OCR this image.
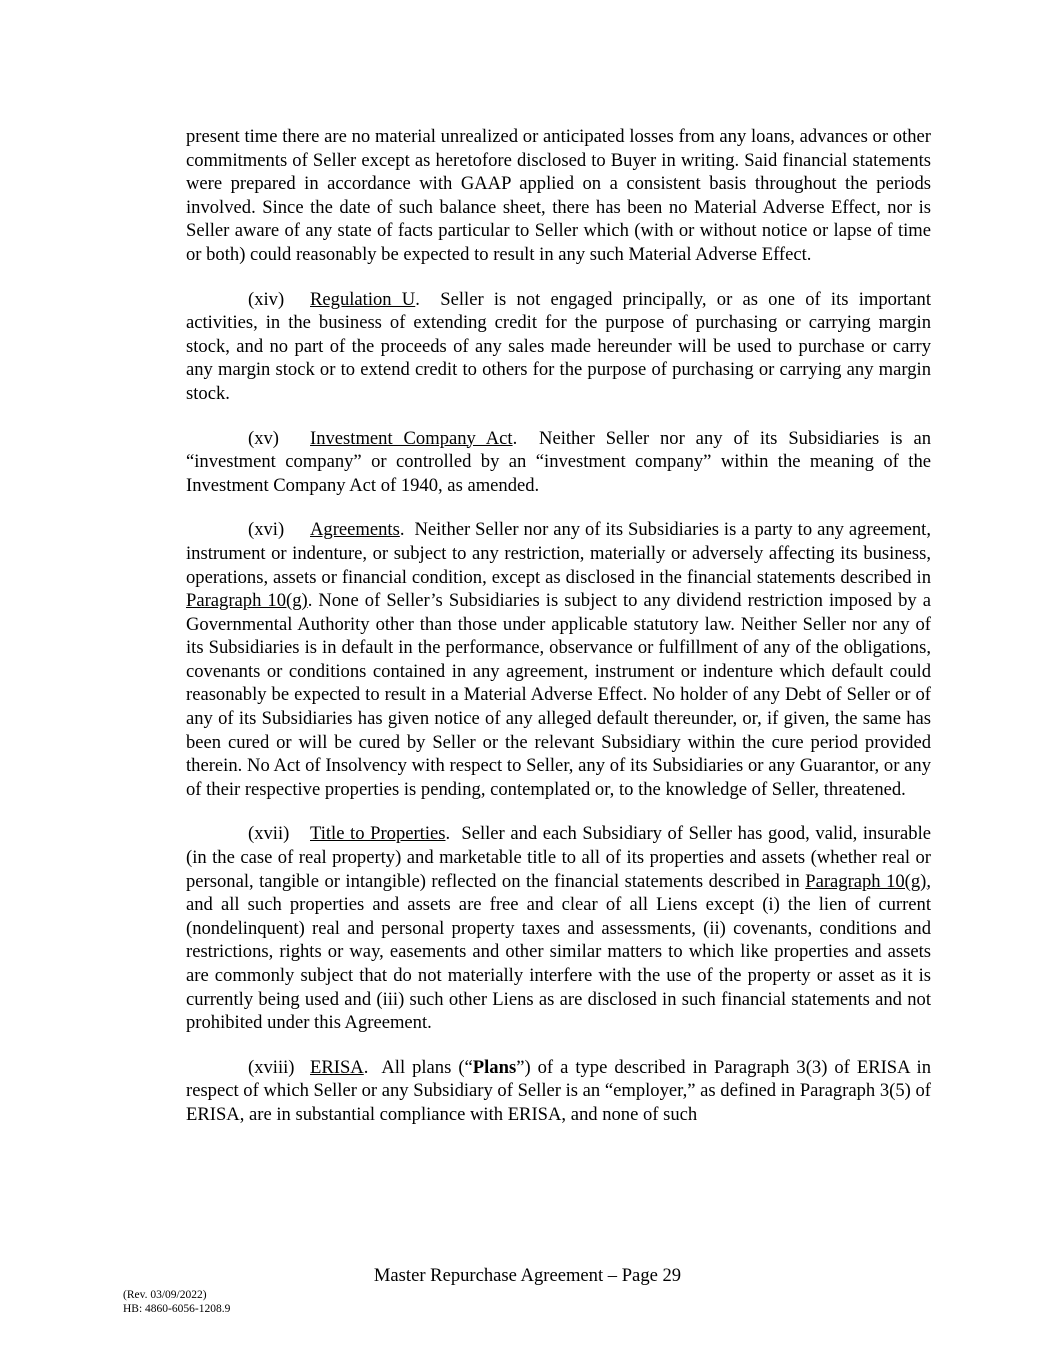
present time there are no material unrealized or anticipated losses from any loans, advances or other commitments of Seller except as heretofore disclosed to Buyer in writing. Said financial statements were prepared in accordance with GAAP applied on a consistent basis throughout the periods involved. Since the date of such balance sheet, there has been no Material Adverse Effect, nor is Seller aware of any state of facts particular to Seller which (with or without notice or lapse of time or both) could reasonably be expected to result in any such Material Adverse Effect.

(xiv) Regulation U.  Seller is not engaged principally, or as one of its important activities, in the business of extending credit for the purpose of purchasing or carrying margin stock, and no part of the proceeds of any sales made hereunder will be used to purchase or carry any margin stock or to extend credit to others for the purpose of purchasing or carrying any margin stock.

(xv) Investment Company Act.  Neither Seller nor any of its Subsidiaries is an “investment company” or controlled by an “investment company” within the meaning of the Investment Company Act of 1940, as amended.

(xvi) Agreements.  Neither Seller nor any of its Subsidiaries is a party to any agreement, instrument or indenture, or subject to any restriction, materially or adversely affecting its business, operations, assets or financial condition, except as disclosed in the financial statements described in Paragraph 10(g). None of Seller’s Subsidiaries is subject to any dividend restriction imposed by a Governmental Authority other than those under applicable statutory law. Neither Seller nor any of its Subsidiaries is in default in the performance, observance or fulfillment of any of the obligations, covenants or conditions contained in any agreement, instrument or indenture which default could reasonably be expected to result in a Material Adverse Effect. No holder of any Debt of Seller or of any of its Subsidiaries has given notice of any alleged default thereunder, or, if given, the same has been cured or will be cured by Seller or the relevant Subsidiary within the cure period provided therein. No Act of Insolvency with respect to Seller, any of its Subsidiaries or any Guarantor, or any of their respective properties is pending, contemplated or, to the knowledge of Seller, threatened.

(xvii) Title to Properties.  Seller and each Subsidiary of Seller has good, valid, insurable (in the case of real property) and marketable title to all of its properties and assets (whether real or personal, tangible or intangible) reflected on the financial statements described in Paragraph 10(g), and all such properties and assets are free and clear of all Liens except (i) the lien of current (nondelinquent) real and personal property taxes and assessments, (ii) covenants, conditions and restrictions, rights or way, easements and other similar matters to which like properties and assets are commonly subject that do not materially interfere with the use of the property or asset as it is currently being used and (iii) such other Liens as are disclosed in such financial statements and not prohibited under this Agreement.

(xviii) ERISA.  All plans (“Plans”) of a type described in Paragraph 3(3) of ERISA in respect of which Seller or any Subsidiary of Seller is an “employer,” as defined in Paragraph 3(5) of ERISA, are in substantial compliance with ERISA, and none of such

Master Repurchase Agreement – Page 29
(Rev. 03/09/2022)
HB: 4860-6056-1208.9
